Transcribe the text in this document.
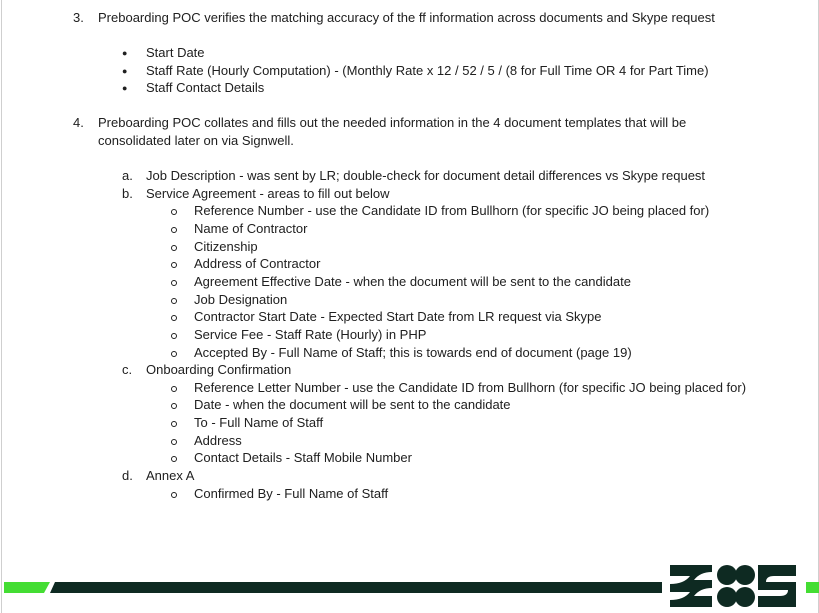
3. Preboarding POC verifies the matching accuracy of the ff information across documents and Skype request
● Start Date
● Staff Rate (Hourly Computation) - (Monthly Rate x 12 / 52 / 5 / (8 for Full Time OR 4 for Part Time)
● Staff Contact Details
4. Preboarding POC collates and fills out the needed information in the 4 document templates that will be
consolidated later on via Signwell.
a. Job Description - was sent by LR; double-check for document detail differences vs Skype request
b. Service Agreement - areas to fill out below
Reference Number - use the Candidate ID from Bullhorn (for specific JO being placed for)
Name of Contractor
Citizenship
Address of Contractor
Agreement Effective Date - when the document will be sent to the candidate
Job Designation
Contractor Start Date - Expected Start Date from LR request via Skype
Service Fee - Staff Rate (Hourly) in PHP
Accepted By - Full Name of Staff; this is towards end of document (page 19)
c. Onboarding Confirmation
Reference Letter Number - use the Candidate ID from Bullhorn (for specific JO being placed for)
Date - when the document will be sent to the candidate
To - Full Name of Staff
Address
Contact Details - Staff Mobile Number
d. Annex A
Confirmed By - Full Name of Staff
